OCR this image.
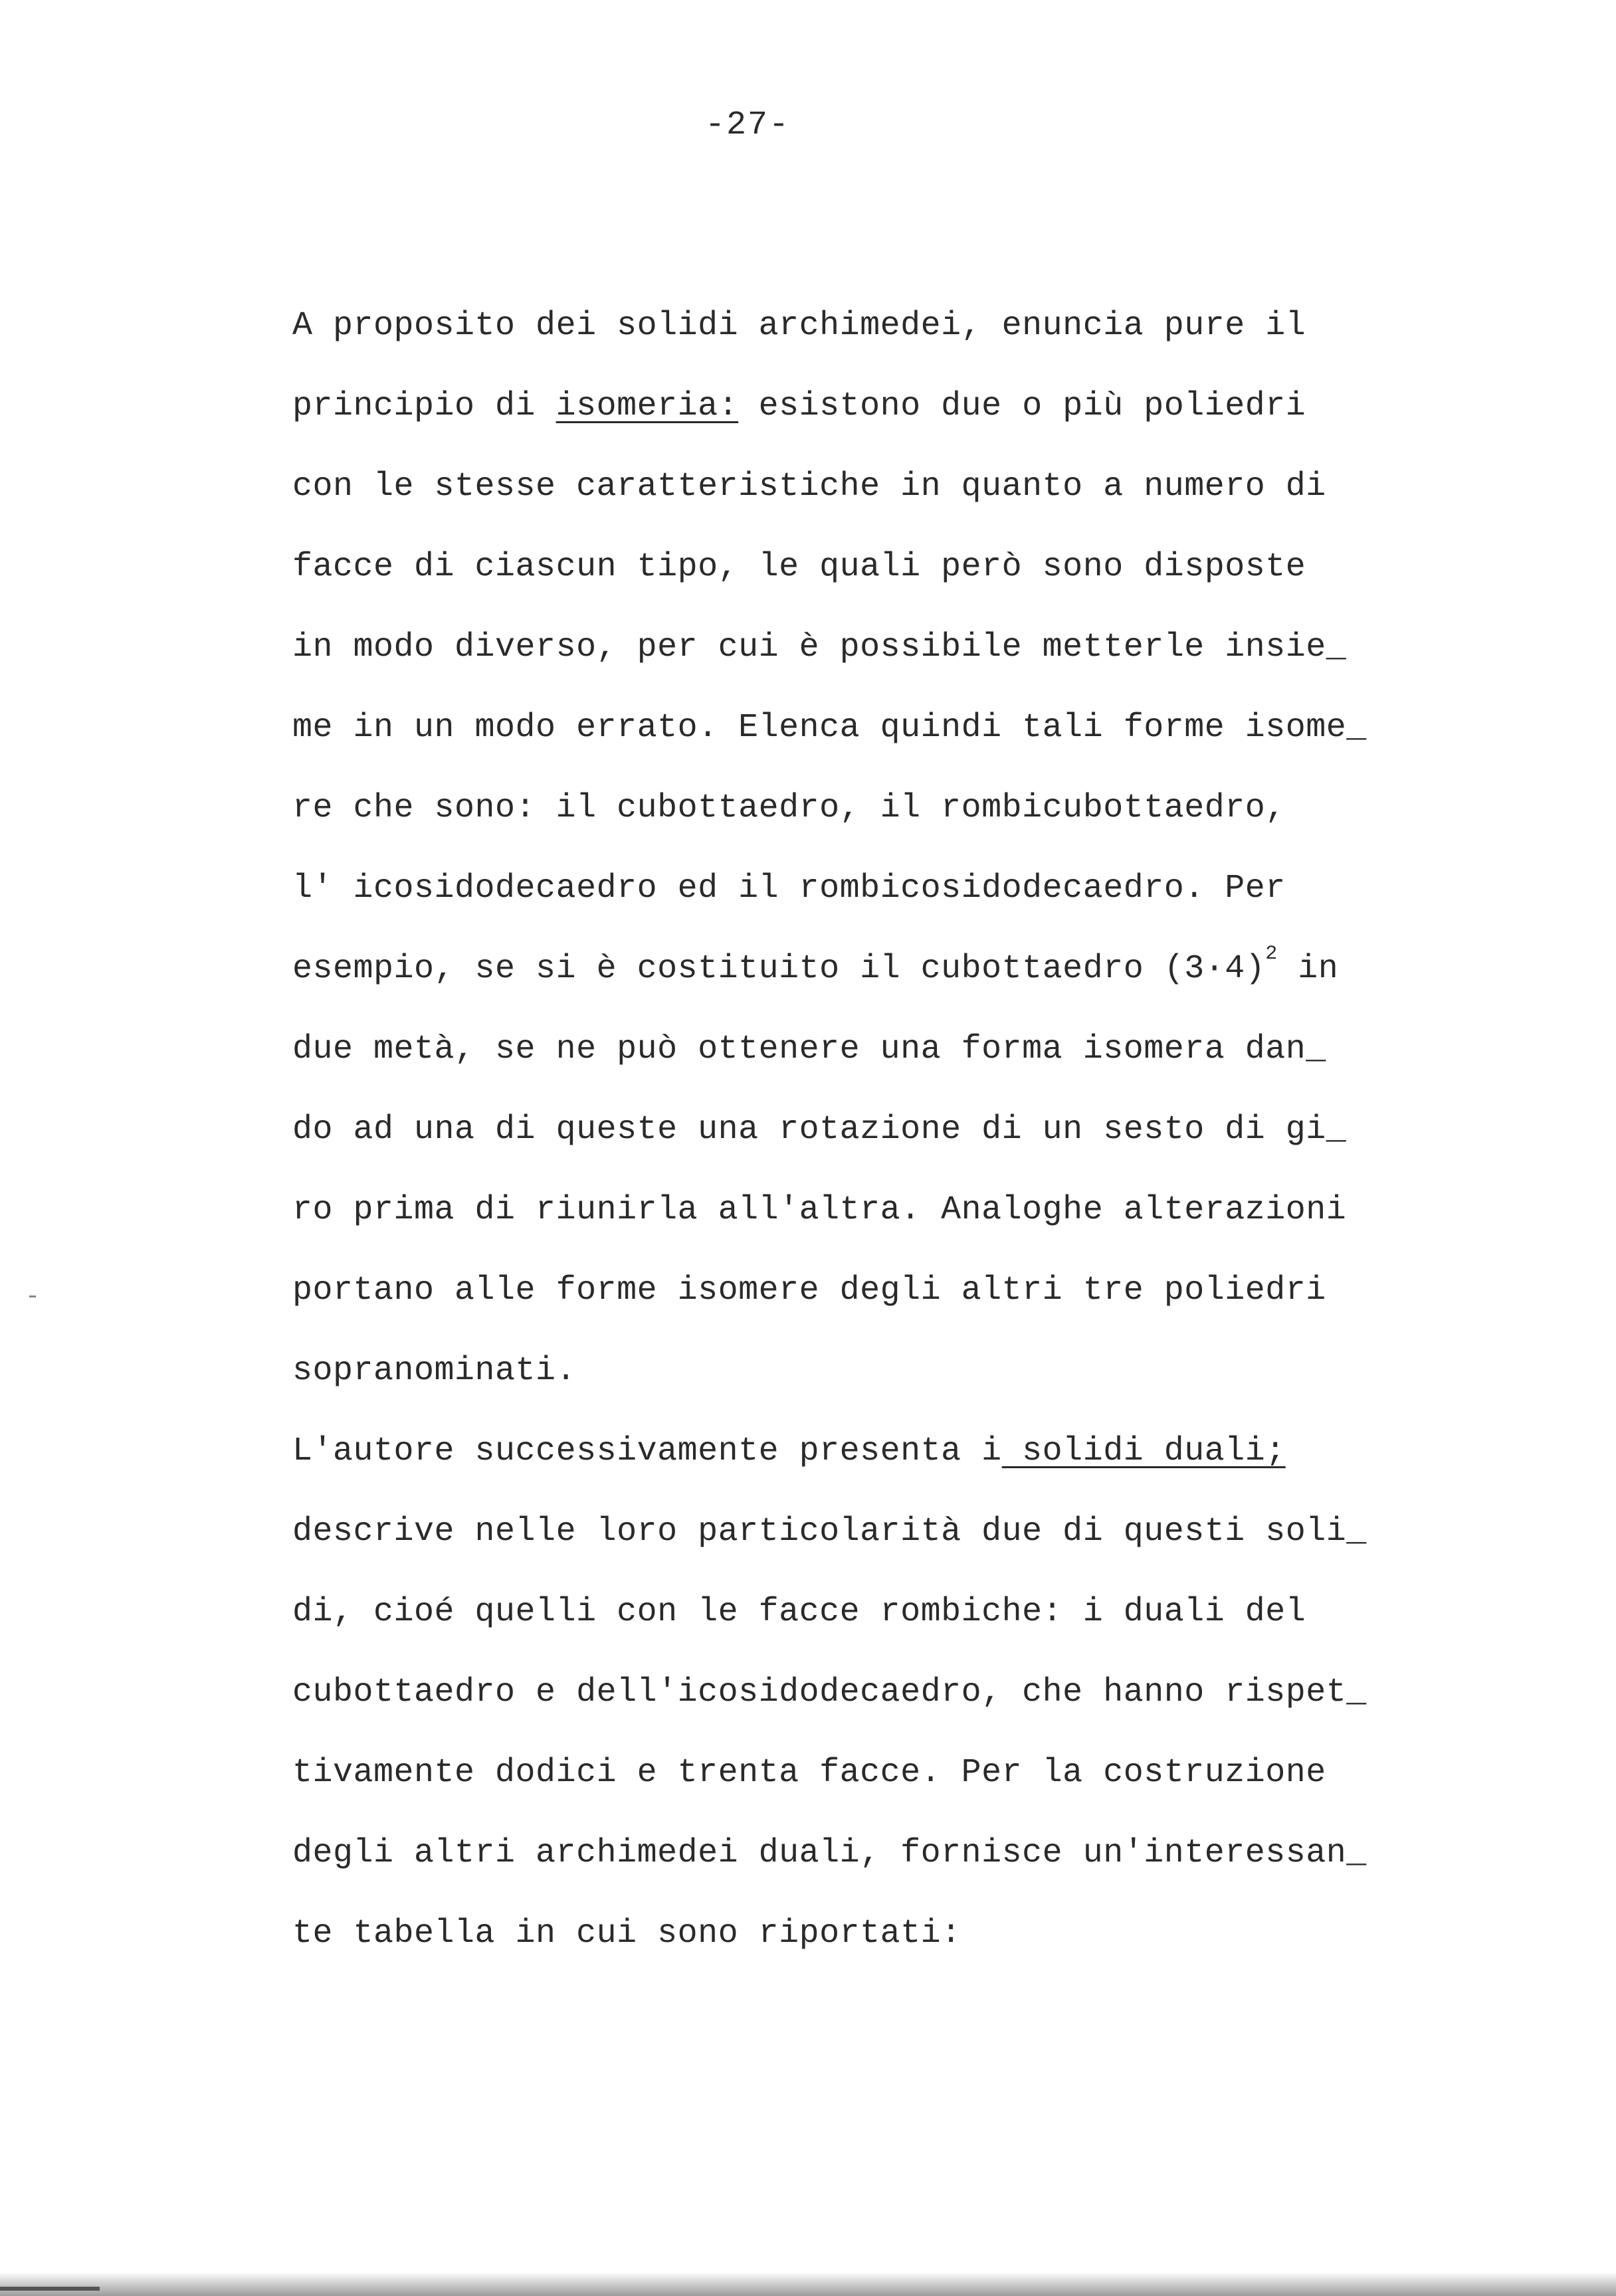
-27-
A proposito dei solidi archimedei, enuncia pure il
principio di isomeria: esistono due o più poliedri
con le stesse caratteristiche in quanto a numero di
facce di ciascun tipo, le quali però sono disposte
in modo diverso, per cui è possibile metterle insie_
me in un modo errato. Elenca quindi tali forme isome_
re che sono: il cubottaedro, il rombicubottaedro,
l' icosidodecaedro ed il rombicosidodecaedro. Per
esempio, se si è costituito il cubottaedro $(3\cdot 4)^2$ in
due metà, se ne può ottenere una forma isomera dan_
do ad una di queste una rotazione di un sesto di gi_
ro prima di riunirla all'altra. Analoghe alterazioni
portano alle forme isomere degli altri tre poliedri
sopranominati.
L'autore successivamente presenta i solidi duali;
descrive nelle loro particolarità due di questi soli_
di, cioé quelli con le facce rombiche: i duali del
cubottaedro e dell'icosidodecaedro, che hanno rispet_
tivamente dodici e trenta facce. Per la costruzione
degli altri archimedei duali, fornisce un'interessan_
te tabella in cui sono riportati:
